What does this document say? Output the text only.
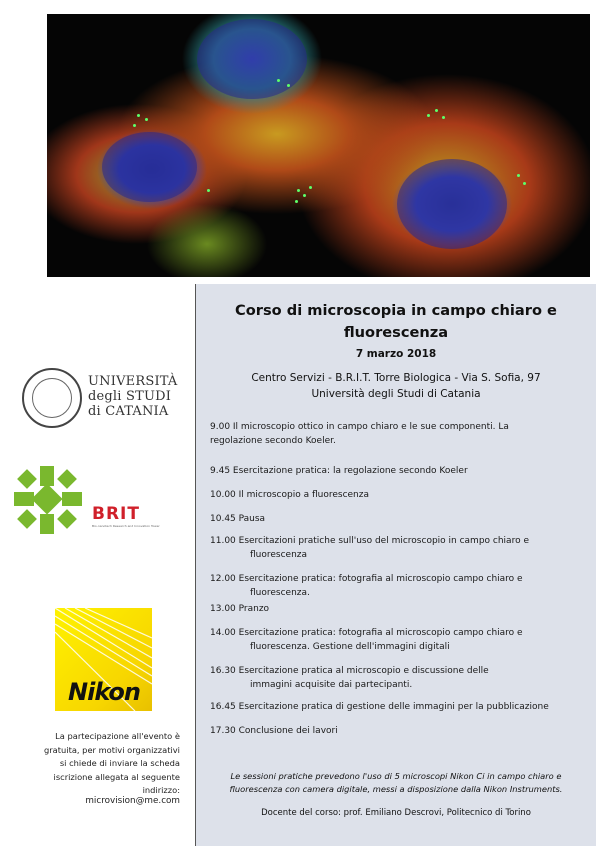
UNIVERSITÀ
degli STUDI
di CATANIA
BRIT
Bio-nanotech Research and Innovation Tower
Nikon
La partecipazione all'evento è
gratuita, per motivi organizzativi
si chiede di inviare la scheda
iscrizione allegata al seguente
indirizzo:
microvision@me.com
Corso di microscopia in campo chiaro e fluorescenza
7 marzo 2018
Centro Servizi - B.R.I.T. Torre Biologica - Via S. Sofia, 97
Università degli Studi di Catania
9.00 Il microscopio ottico in campo chiaro e le sue componenti. La
regolazione secondo Koeler.
9.45 Esercitazione pratica: la regolazione secondo Koeler
10.00 Il microscopio a fluorescenza
10.45 Pausa
11.00 Esercitazioni pratiche sull'uso del microscopio in campo chiaro e
fluorescenza
12.00 Esercitazione pratica: fotografia al microscopio campo chiaro e
fluorescenza.
13.00 Pranzo
14.00 Esercitazione pratica: fotografia al microscopio campo chiaro e
fluorescenza. Gestione dell'immagini digitali
16.30 Esercitazione pratica al microscopio e discussione delle
immagini acquisite dai partecipanti.
16.45 Esercitazione pratica di gestione delle immagini per la pubblicazione
17.30 Conclusione dei lavori
Le sessioni pratiche prevedono l'uso di 5 microscopi Nikon Ci in campo chiaro e
fluorescenza con camera digitale, messi a disposizione dalla Nikon Instruments.
Docente del corso: prof. Emiliano Descrovi, Politecnico di Torino
